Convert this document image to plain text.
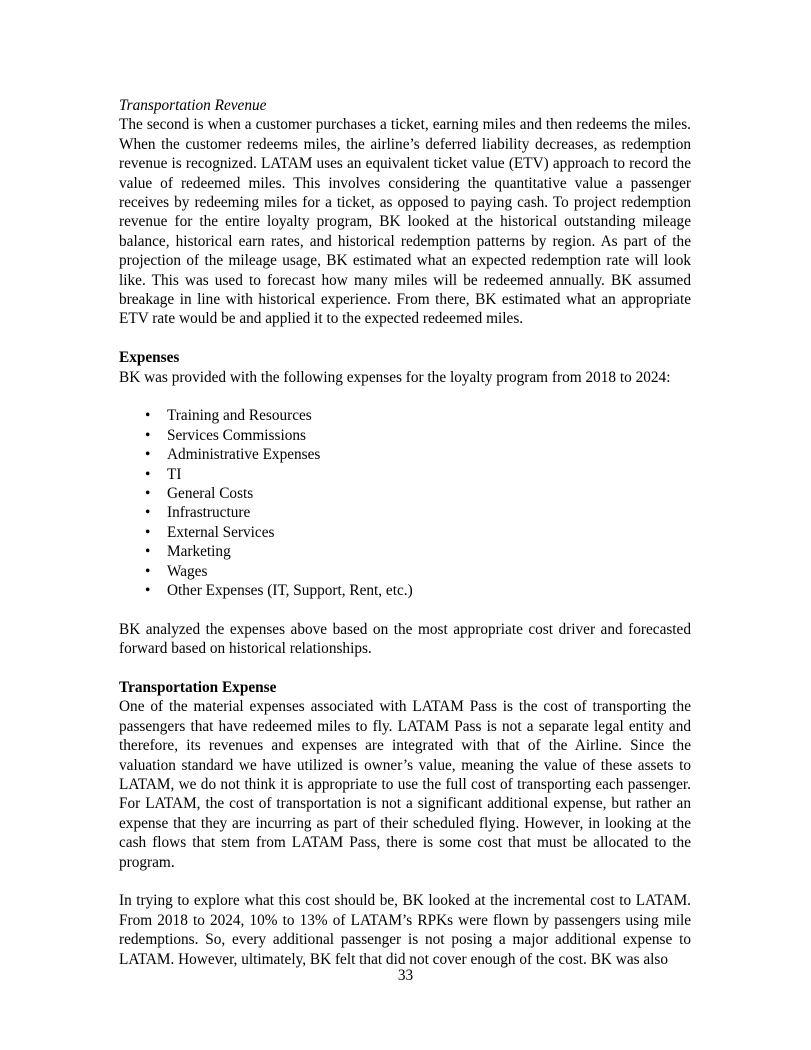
Transportation Revenue

The second is when a customer purchases a ticket, earning miles and then redeems the miles. When the customer redeems miles, the airline’s deferred liability decreases, as redemption revenue is recognized. LATAM uses an equivalent ticket value (ETV) approach to record the value of redeemed miles. This involves considering the quantitative value a passenger receives by redeeming miles for a ticket, as opposed to paying cash. To project redemption revenue for the entire loyalty program, BK looked at the historical outstanding mileage balance, historical earn rates, and historical redemption patterns by region. As part of the projection of the mileage usage, BK estimated what an expected redemption rate will look like. This was used to forecast how many miles will be redeemed annually. BK assumed breakage in line with historical experience. From there, BK estimated what an appropriate ETV rate would be and applied it to the expected redeemed miles.

Expenses

BK was provided with the following expenses for the loyalty program from 2018 to 2024:

• Training and Resources
• Services Commissions
• Administrative Expenses
• TI
• General Costs
• Infrastructure
• External Services
• Marketing
• Wages
• Other Expenses (IT, Support, Rent, etc.)

BK analyzed the expenses above based on the most appropriate cost driver and forecasted forward based on historical relationships.

Transportation Expense

One of the material expenses associated with LATAM Pass is the cost of transporting the passengers that have redeemed miles to fly. LATAM Pass is not a separate legal entity and therefore, its revenues and expenses are integrated with that of the Airline. Since the valuation standard we have utilized is owner’s value, meaning the value of these assets to LATAM, we do not think it is appropriate to use the full cost of transporting each passenger. For LATAM, the cost of transportation is not a significant additional expense, but rather an expense that they are incurring as part of their scheduled flying. However, in looking at the cash flows that stem from LATAM Pass, there is some cost that must be allocated to the program.

In trying to explore what this cost should be, BK looked at the incremental cost to LATAM. From 2018 to 2024, 10% to 13% of LATAM’s RPKs were flown by passengers using mile redemptions. So, every additional passenger is not posing a major additional expense to LATAM. However, ultimately, BK felt that did not cover enough of the cost. BK was also

33
